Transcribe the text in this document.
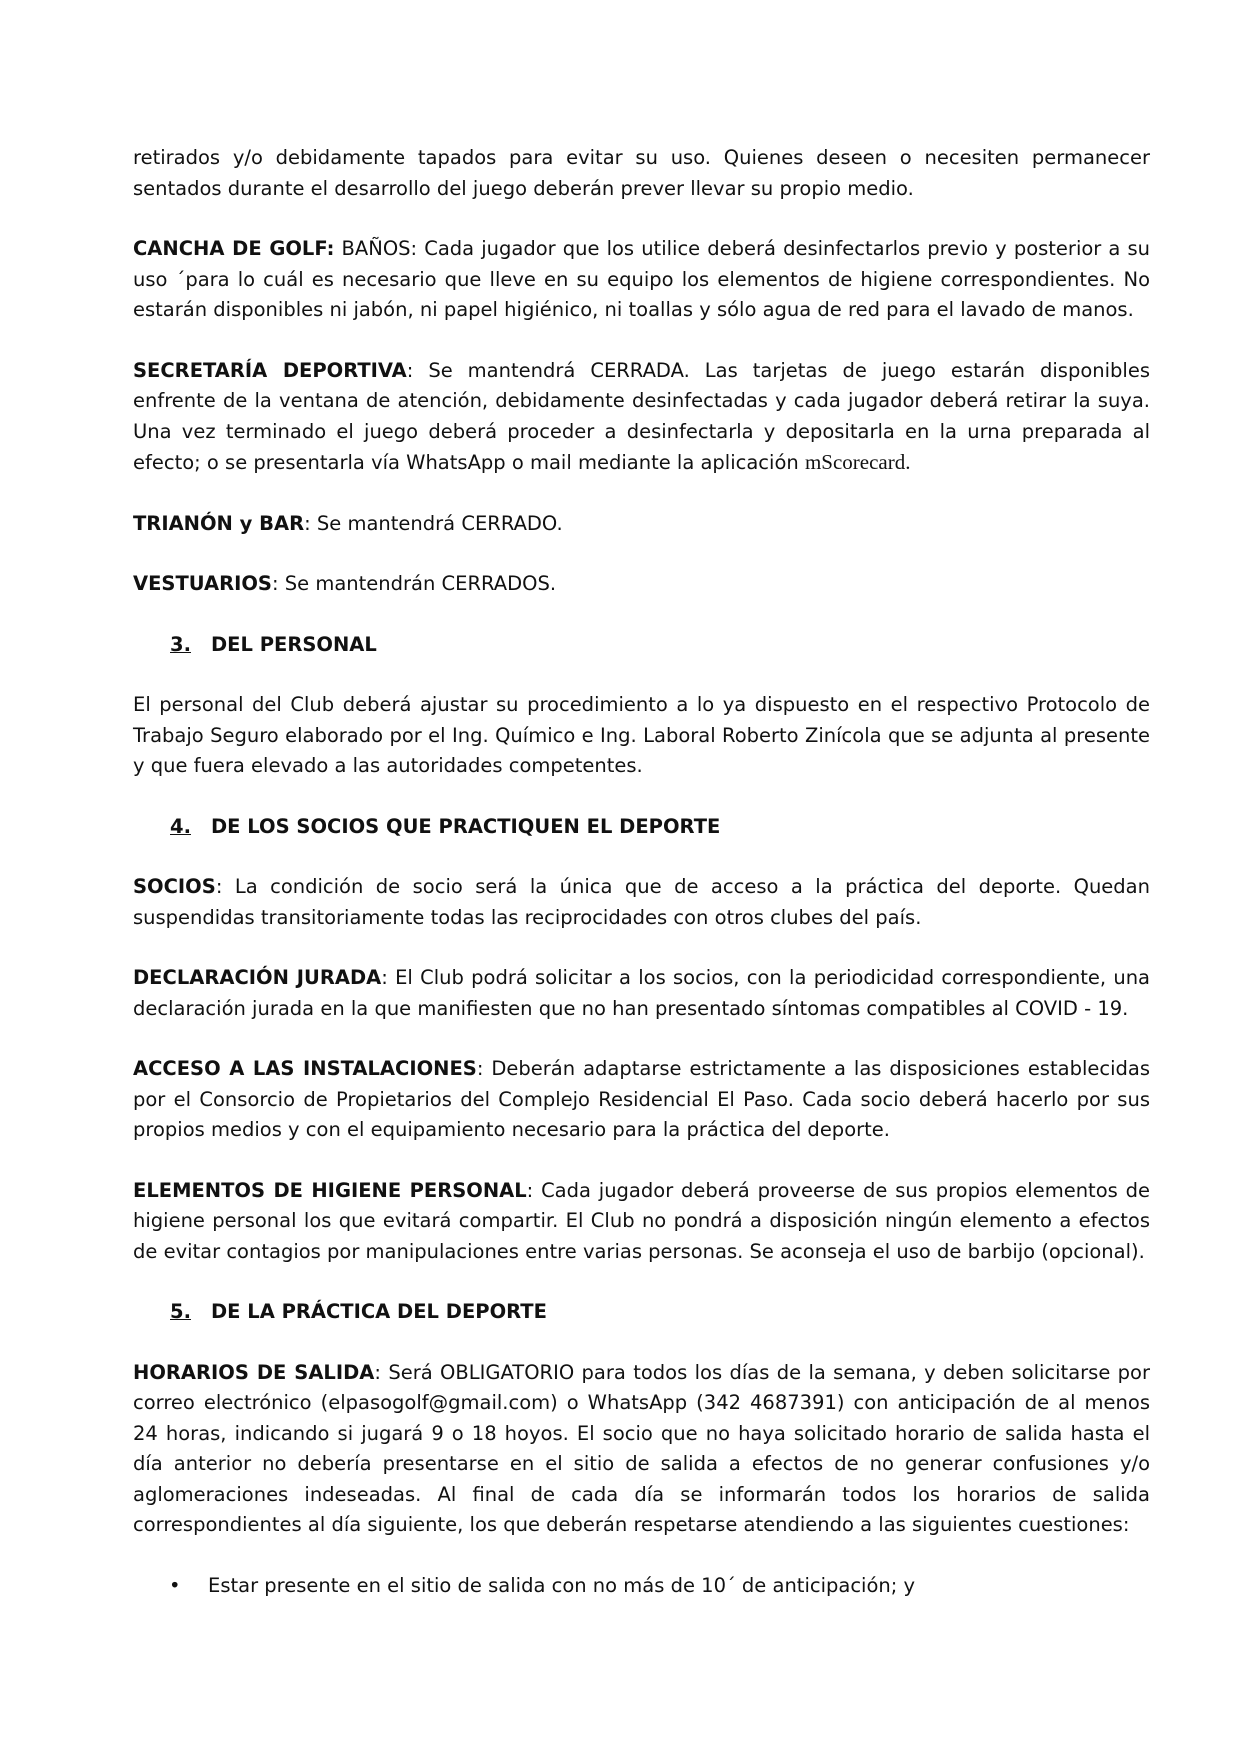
retirados y/o debidamente tapados para evitar su uso. Quienes deseen o necesiten permanecer sentados durante el desarrollo del juego deberán prever llevar su propio medio.

CANCHA DE GOLF: BAÑOS: Cada jugador que los utilice deberá desinfectarlos previo y posterior a su uso ´para lo cuál es necesario que lleve en su equipo los elementos de higiene correspondientes. No estarán disponibles ni jabón, ni papel higiénico, ni toallas y sólo agua de red para el lavado de manos.

SECRETARÍA DEPORTIVA: Se mantendrá CERRADA. Las tarjetas de juego estarán disponibles enfrente de la ventana de atención, debidamente desinfectadas y cada jugador deberá retirar la suya. Una vez terminado el juego deberá proceder a desinfectarla y depositarla en la urna preparada al efecto; o se presentarla vía WhatsApp o mail mediante la aplicación mScorecard.

TRIANÓN y BAR: Se mantendrá CERRADO.

VESTUARIOS: Se mantendrán CERRADOS.

3. DEL PERSONAL

El personal del Club deberá ajustar su procedimiento a lo ya dispuesto en el respectivo Protocolo de Trabajo Seguro elaborado por el Ing. Químico e Ing. Laboral Roberto Zinícola que se adjunta al presente y que fuera elevado a las autoridades competentes.

4. DE LOS SOCIOS QUE PRACTIQUEN EL DEPORTE

SOCIOS: La condición de socio será la única que de acceso a la práctica del deporte. Quedan suspendidas transitoriamente todas las reciprocidades con otros clubes del país.

DECLARACIÓN JURADA: El Club podrá solicitar a los socios, con la periodicidad correspondiente, una declaración jurada en la que manifiesten que no han presentado síntomas compatibles al COVID - 19.

ACCESO A LAS INSTALACIONES: Deberán adaptarse estrictamente a las disposiciones establecidas por el Consorcio de Propietarios del Complejo Residencial El Paso. Cada socio deberá hacerlo por sus propios medios y con el equipamiento necesario para la práctica del deporte.

ELEMENTOS DE HIGIENE PERSONAL: Cada jugador deberá proveerse de sus propios elementos de higiene personal los que evitará compartir. El Club no pondrá a disposición ningún elemento a efectos de evitar contagios por manipulaciones entre varias personas. Se aconseja el uso de barbijo (opcional).

5. DE LA PRÁCTICA DEL DEPORTE

HORARIOS DE SALIDA: Será OBLIGATORIO para todos los días de la semana, y deben solicitarse por correo electrónico (elpasogolf@gmail.com) o WhatsApp (342 4687391) con anticipación de al menos 24 horas, indicando si jugará 9 o 18 hoyos. El socio que no haya solicitado horario de salida hasta el día anterior no debería presentarse en el sitio de salida a efectos de no generar confusiones y/o aglomeraciones indeseadas. Al final de cada día se informarán todos los horarios de salida correspondientes al día siguiente, los que deberán respetarse atendiendo a las siguientes cuestiones:

• Estar presente en el sitio de salida con no más de 10´ de anticipación; y
